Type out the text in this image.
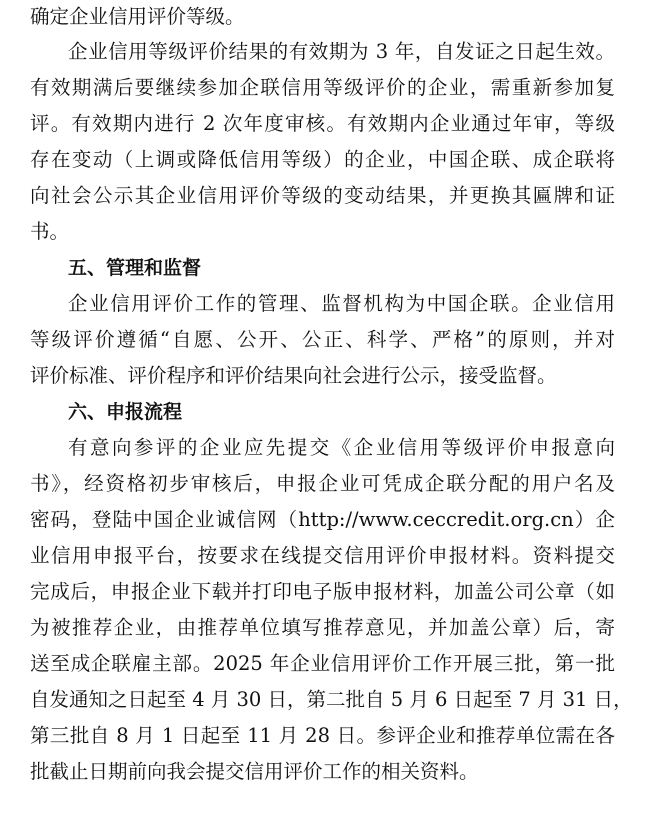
确定企业信用评价等级。
企业信用等级评价结果的有效期为 3 年，自发证之日起生效。
有效期满后要继续参加企联信用等级评价的企业，需重新参加复
评。有效期内进行 2 次年度审核。有效期内企业通过年审，等级
存在变动（上调或降低信用等级）的企业，中国企联、成企联将
向社会公示其企业信用评价等级的变动结果，并更换其匾牌和证
书。
五、管理和监督
企业信用评价工作的管理、监督机构为中国企联。企业信用
等级评价遵循“自愿、公开、公正、科学、严格”的原则，并对
评价标准、评价程序和评价结果向社会进行公示，接受监督。
六、申报流程
有意向参评的企业应先提交《企业信用等级评价申报意向
书》，经资格初步审核后，申报企业可凭成企联分配的用户名及
密码，登陆中国企业诚信网（http://www.ceccredit.org.cn）企
业信用申报平台，按要求在线提交信用评价申报材料。资料提交
完成后，申报企业下载并打印电子版申报材料，加盖公司公章（如
为被推荐企业，由推荐单位填写推荐意见，并加盖公章）后，寄
送至成企联雇主部。2025 年企业信用评价工作开展三批，第一批
自发通知之日起至 4 月 30 日，第二批自 5 月 6 日起至 7 月 31 日，
第三批自 8 月 1 日起至 11 月 28 日。参评企业和推荐单位需在各
批截止日期前向我会提交信用评价工作的相关资料。
